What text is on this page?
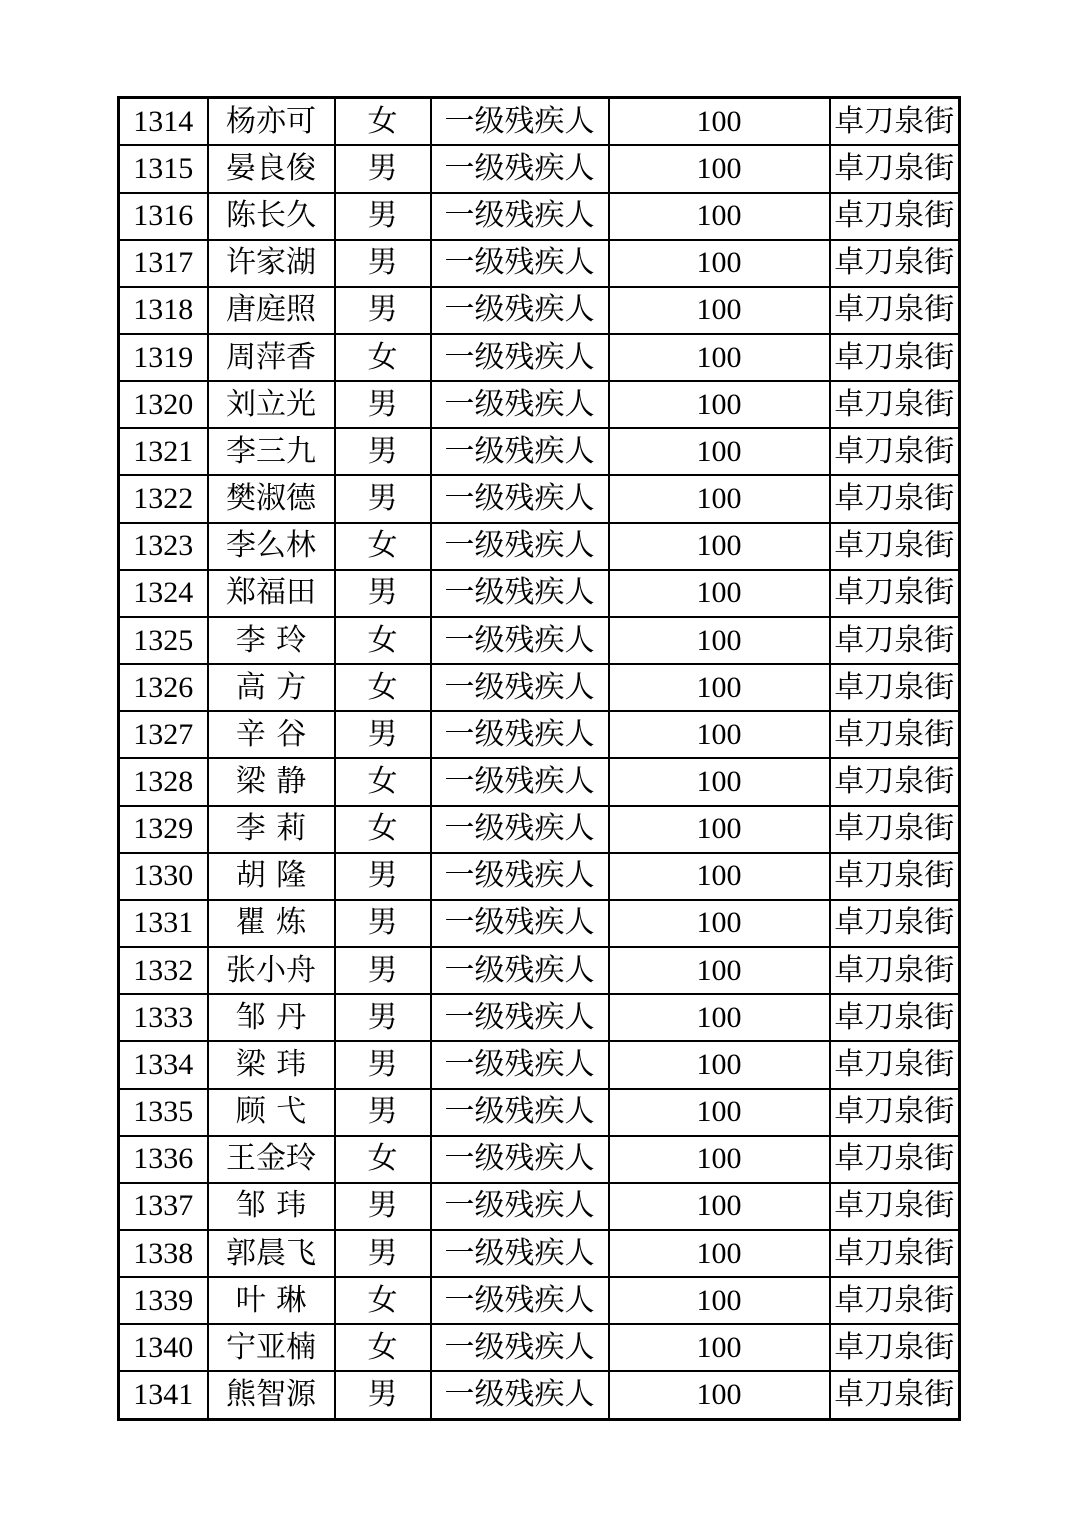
1314	杨亦可	女	一级残疾人	100	卓刀泉街
1315	晏良俊	男	一级残疾人	100	卓刀泉街
1316	陈长久	男	一级残疾人	100	卓刀泉街
1317	许家湖	男	一级残疾人	100	卓刀泉街
1318	唐庭照	男	一级残疾人	100	卓刀泉街
1319	周萍香	女	一级残疾人	100	卓刀泉街
1320	刘立光	男	一级残疾人	100	卓刀泉街
1321	李三九	男	一级残疾人	100	卓刀泉街
1322	樊淑德	男	一级残疾人	100	卓刀泉街
1323	李么林	女	一级残疾人	100	卓刀泉街
1324	郑福田	男	一级残疾人	100	卓刀泉街
1325	李玲	女	一级残疾人	100	卓刀泉街
1326	高方	女	一级残疾人	100	卓刀泉街
1327	辛谷	男	一级残疾人	100	卓刀泉街
1328	梁静	女	一级残疾人	100	卓刀泉街
1329	李莉	女	一级残疾人	100	卓刀泉街
1330	胡隆	男	一级残疾人	100	卓刀泉街
1331	瞿炼	男	一级残疾人	100	卓刀泉街
1332	张小舟	男	一级残疾人	100	卓刀泉街
1333	邹丹	男	一级残疾人	100	卓刀泉街
1334	梁玮	男	一级残疾人	100	卓刀泉街
1335	顾弋	男	一级残疾人	100	卓刀泉街
1336	王金玲	女	一级残疾人	100	卓刀泉街
1337	邹玮	男	一级残疾人	100	卓刀泉街
1338	郭晨飞	男	一级残疾人	100	卓刀泉街
1339	叶琳	女	一级残疾人	100	卓刀泉街
1340	宁亚楠	女	一级残疾人	100	卓刀泉街
1341	熊智源	男	一级残疾人	100	卓刀泉街
